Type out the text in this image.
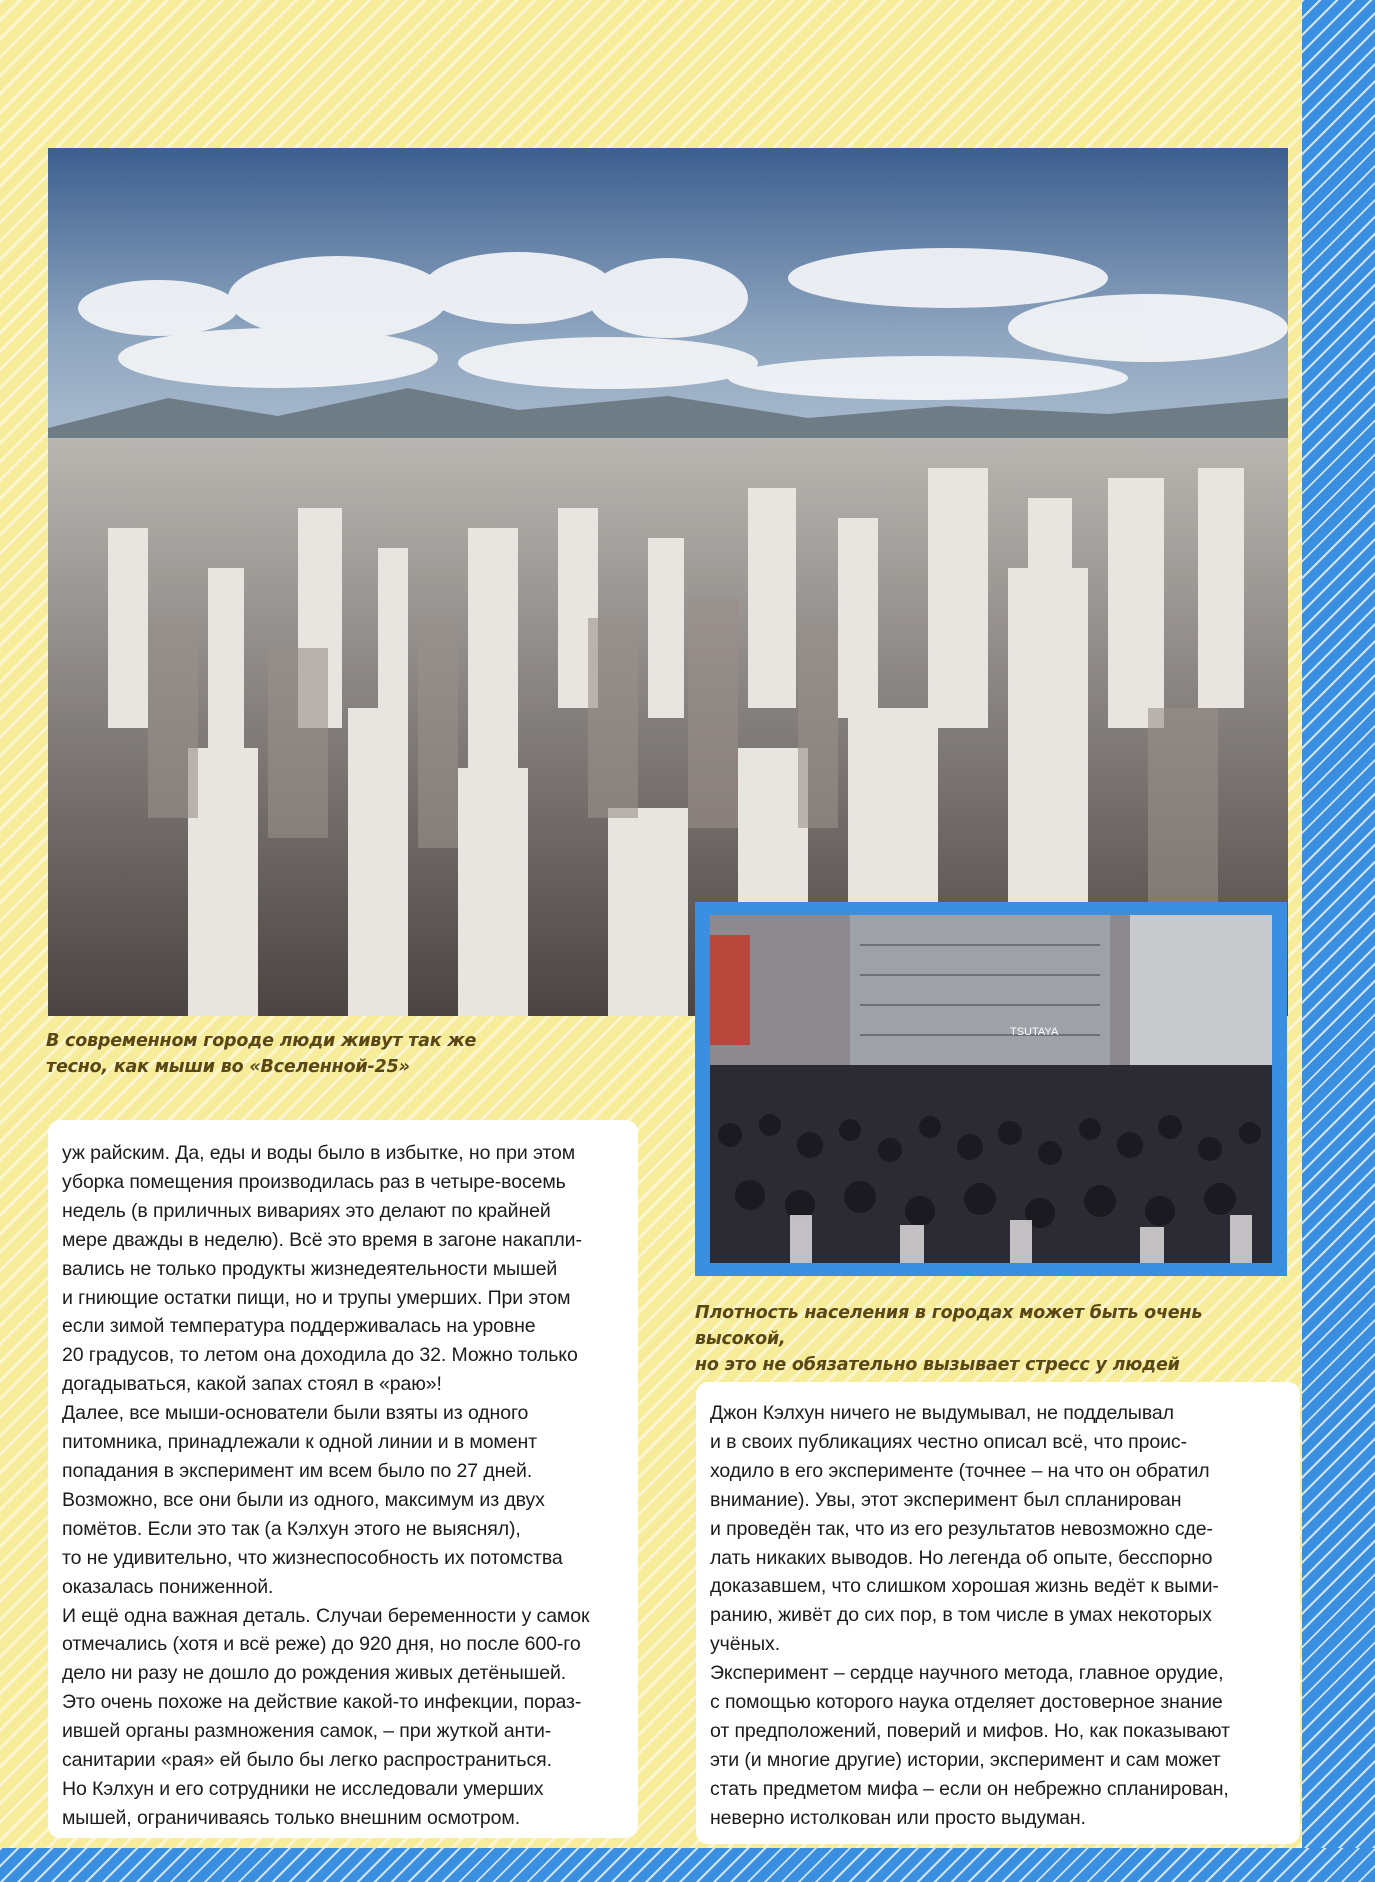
В современном городе люди живут так же
тесно, как мыши во «Вселенной-25»
TSUTAYA
Плотность населения в городах может быть очень высокой,
но это не обязательно вызывает стресс у людей

уж райским. Да, еды и воды было в избытке, но при этом
уборка помещения производилась раз в четыре-восемь
недель (в приличных вивариях это делают по крайней
мере дважды в неделю). Всё это время в загоне накапли-
вались не только продукты жизнедеятельности мышей
и гниющие остатки пищи, но и трупы умерших. При этом
если зимой температура поддерживалась на уровне
20 градусов, то летом она доходила до 32. Можно только
догадываться, какой запах стоял в «раю»!

Далее, все мыши-основатели были взяты из одного
питомника, принадлежали к одной линии и в момент
попадания в эксперимент им всем было по 27 дней.
Возможно, все они были из одного, максимум из двух
помётов. Если это так (а Кэлхун этого не выяснял),
то не удивительно, что жизнеспособность их потомства
оказалась пониженной.

И ещё одна важная деталь. Случаи беременности у самок
отмечались (хотя и всё реже) до 920 дня, но после 600-го
дело ни разу не дошло до рождения живых детёнышей.
Это очень похоже на действие какой-то инфекции, пораз-
ившей органы размножения самок, – при жуткой анти-
санитарии «рая» ей было бы легко распространиться.
Но Кэлхун и его сотрудники не исследовали умерших
мышей, ограничиваясь только внешним осмотром.

Джон Кэлхун ничего не выдумывал, не подделывал
и в своих публикациях честно описал всё, что проис-
ходило в его эксперименте (точнее – на что он обратил
внимание). Увы, этот эксперимент был спланирован
и проведён так, что из его результатов невозможно сде-
лать никаких выводов. Но легенда об опыте, бесспорно
доказавшем, что слишком хорошая жизнь ведёт к выми-
ранию, живёт до сих пор, в том числе в умах некоторых
учёных.

Эксперимент – сердце научного метода, главное орудие,
с помощью которого наука отделяет достоверное знание
от предположений, поверий и мифов. Но, как показывают
эти (и многие другие) истории, эксперимент и сам может
стать предметом мифа – если он небрежно спланирован,
неверно истолкован или просто выдуман.
